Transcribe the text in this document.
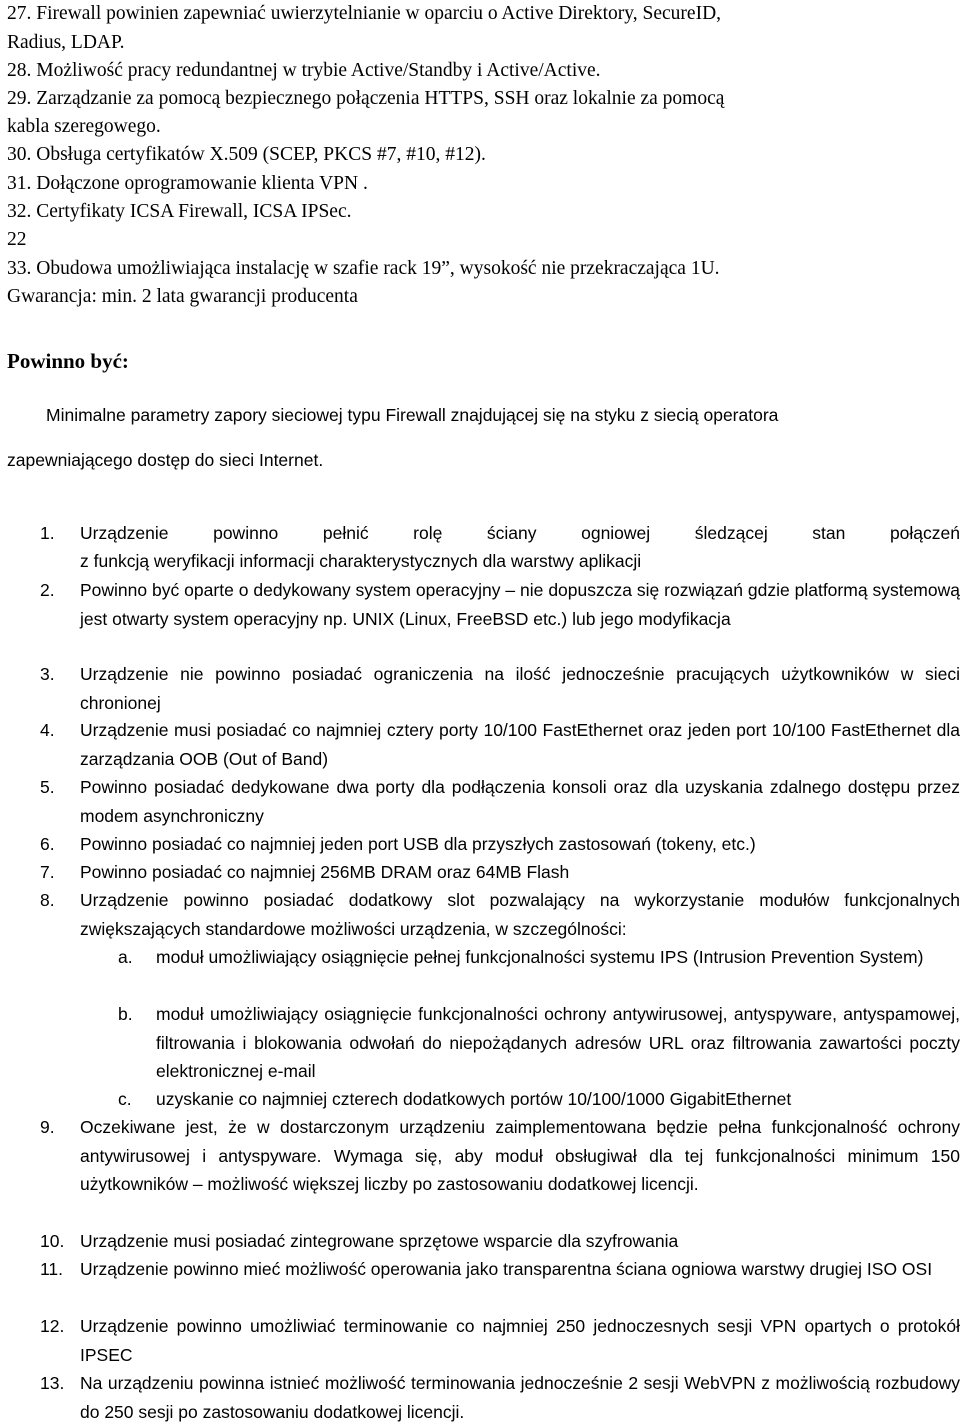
27. Firewall powinien zapewniać uwierzytelnianie w oparciu o Active Direktory, SecureID,
Radius, LDAP.
28. Możliwość pracy redundantnej w trybie Active/Standby i Active/Active.
29. Zarządzanie za pomocą bezpiecznego połączenia HTTPS, SSH oraz lokalnie za pomocą
kabla szeregowego.
30. Obsługa certyfikatów X.509 (SCEP, PKCS #7, #10, #12).
31. Dołączone oprogramowanie klienta VPN .
32. Certyfikaty ICSA Firewall, ICSA IPSec.
22
33. Obudowa umożliwiająca instalację w szafie rack 19”, wysokość nie przekraczająca 1U.
Gwarancja: min. 2 lata gwarancji producenta
Powinno być:
Minimalne parametry zapory sieciowej typu Firewall znajdującej się na styku z siecią operatora
zapewniającego dostęp do sieci Internet.
1. Urządzenie powinno pełnić rolę ściany ogniowej śledzącej stan połączeń
z funkcją weryfikacji informacji charakterystycznych dla warstwy aplikacji
2. Powinno być oparte o dedykowany system operacyjny – nie dopuszcza się rozwiązań gdzie platformą systemową jest otwarty system operacyjny np. UNIX (Linux, FreeBSD etc.) lub jego modyfikacja
3. Urządzenie nie powinno posiadać ograniczenia na ilość jednocześnie pracujących użytkowników w sieci chronionej
4. Urządzenie musi posiadać co najmniej cztery porty 10/100 FastEthernet oraz jeden port 10/100 FastEthernet dla zarządzania OOB (Out of Band)
5. Powinno posiadać dedykowane dwa porty dla podłączenia konsoli oraz dla uzyskania zdalnego dostępu przez modem asynchroniczny
6. Powinno posiadać co najmniej jeden port USB dla przyszłych zastosowań (tokeny, etc.)
7. Powinno posiadać co najmniej 256MB DRAM oraz 64MB Flash
8. Urządzenie powinno posiadać dodatkowy slot pozwalający na wykorzystanie modułów funkcjonalnych zwiększających standardowe możliwości urządzenia, w szczególności:
a. moduł umożliwiający osiągnięcie pełnej funkcjonalności systemu IPS (Intrusion Prevention System)
b. moduł umożliwiający osiągnięcie funkcjonalności ochrony antywirusowej, antyspyware, antyspamowej, filtrowania i blokowania odwołań do niepożądanych adresów URL oraz filtrowania zawartości poczty elektronicznej e-mail
c. uzyskanie co najmniej czterech dodatkowych portów 10/100/1000 GigabitEthernet
9. Oczekiwane jest, że w dostarczonym urządzeniu zaimplementowana będzie pełna funkcjonalność ochrony antywirusowej i antyspyware. Wymaga się, aby moduł obsługiwał dla tej funkcjonalności minimum 150 użytkowników – możliwość większej liczby po zastosowaniu dodatkowej licencji.
10. Urządzenie musi posiadać zintegrowane sprzętowe wsparcie dla szyfrowania
11. Urządzenie powinno mieć możliwość operowania jako transparentna ściana ogniowa warstwy drugiej ISO OSI
12. Urządzenie powinno umożliwiać terminowanie co najmniej 250 jednoczesnych sesji VPN opartych o protokół IPSEC
13. Na urządzeniu powinna istnieć możliwość terminowania jednocześnie 2 sesji WebVPN z możliwością rozbudowy do 250 sesji po zastosowaniu dodatkowej licencji.
